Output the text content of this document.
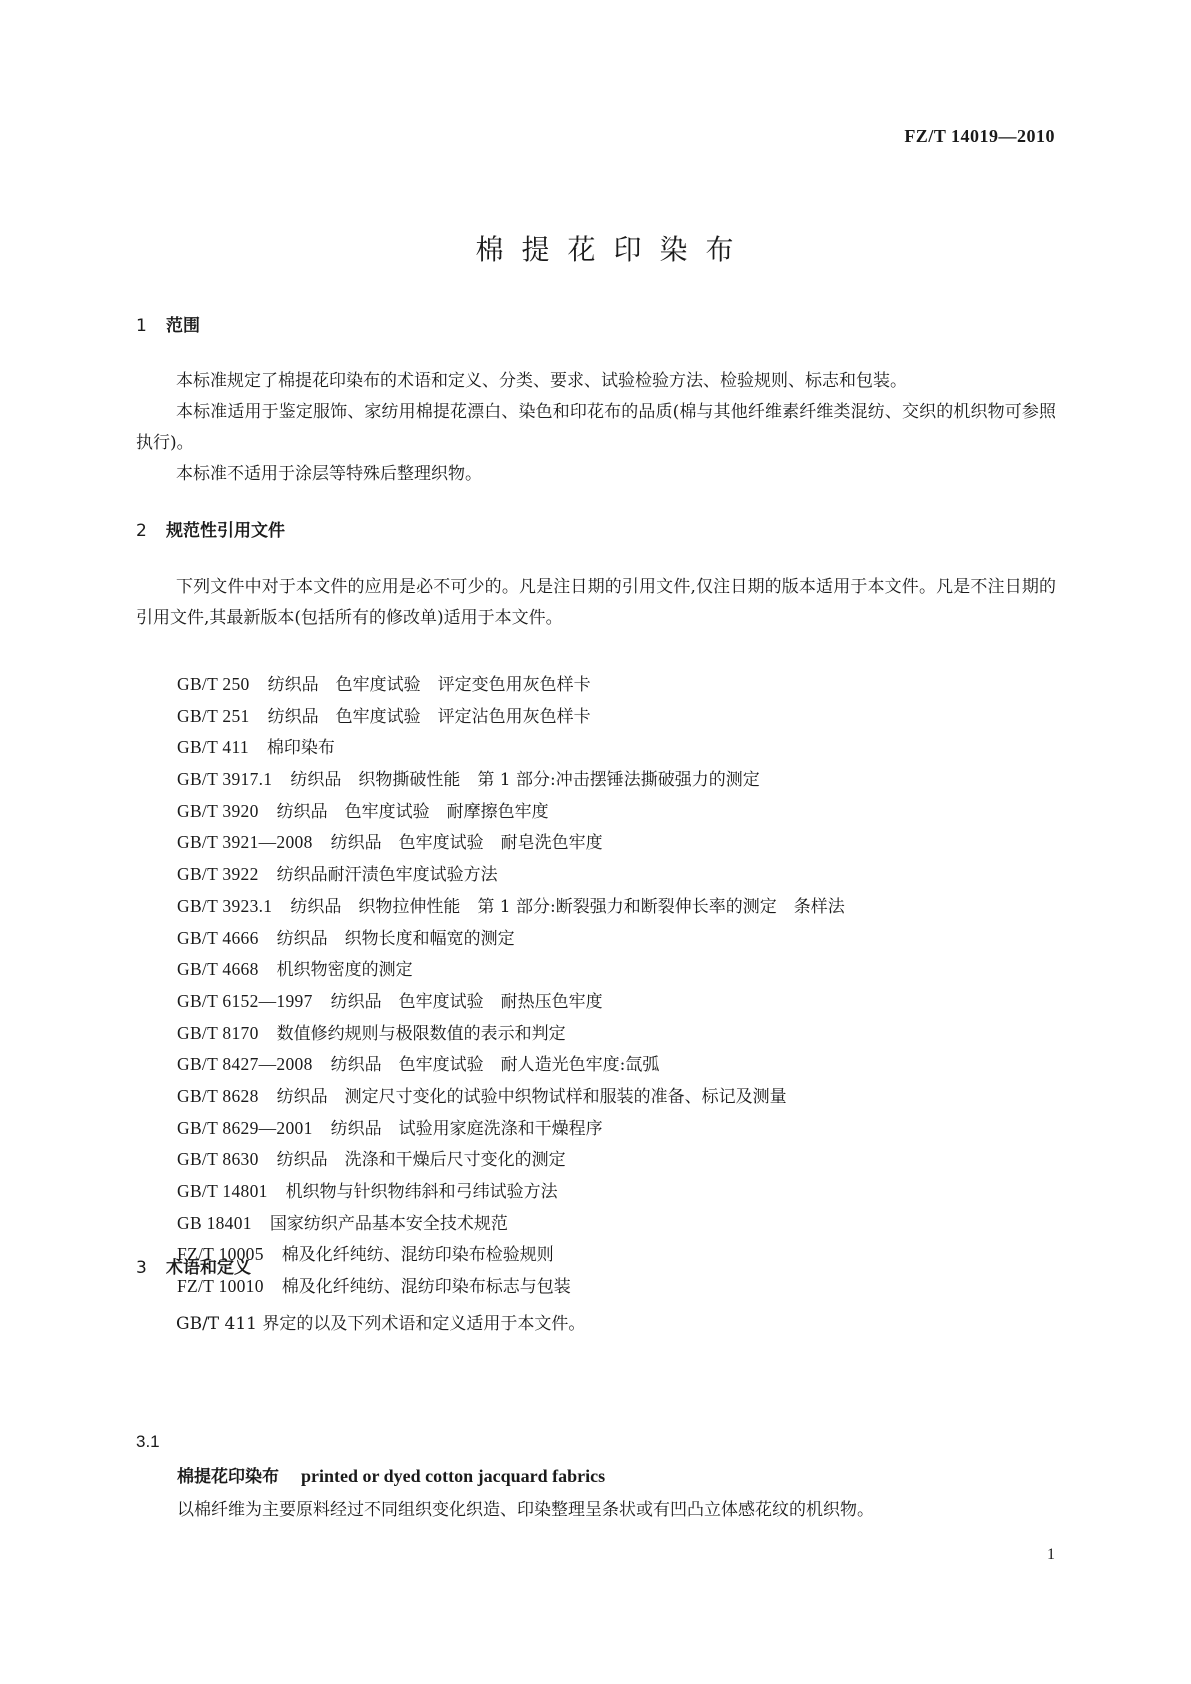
FZ/T 14019—2010
棉提花印染布
1 范围
本标准规定了棉提花印染布的术语和定义、分类、要求、试验检验方法、检验规则、标志和包装。
本标准适用于鉴定服饰、家纺用棉提花漂白、染色和印花布的品质(棉与其他纤维素纤维类混纺、交织的机织物可参照执行)。
本标准不适用于涂层等特殊后整理织物。
2 规范性引用文件
下列文件中对于本文件的应用是必不可少的。凡是注日期的引用文件,仅注日期的版本适用于本文件。凡是不注日期的引用文件,其最新版本(包括所有的修改单)适用于本文件。
GB/T 250 纺织品　色牢度试验　评定变色用灰色样卡
GB/T 251 纺织品　色牢度试验　评定沾色用灰色样卡
GB/T 411 棉印染布
GB/T 3917.1 纺织品　织物撕破性能　第 1 部分:冲击摆锤法撕破强力的测定
GB/T 3920 纺织品　色牢度试验　耐摩擦色牢度
GB/T 3921—2008 纺织品　色牢度试验　耐皂洗色牢度
GB/T 3922 纺织品耐汗渍色牢度试验方法
GB/T 3923.1 纺织品　织物拉伸性能　第 1 部分:断裂强力和断裂伸长率的测定　条样法
GB/T 4666 纺织品　织物长度和幅宽的测定
GB/T 4668 机织物密度的测定
GB/T 6152—1997 纺织品　色牢度试验　耐热压色牢度
GB/T 8170 数值修约规则与极限数值的表示和判定
GB/T 8427—2008 纺织品　色牢度试验　耐人造光色牢度:氙弧
GB/T 8628 纺织品　测定尺寸变化的试验中织物试样和服装的准备、标记及测量
GB/T 8629—2001 纺织品　试验用家庭洗涤和干燥程序
GB/T 8630 纺织品　洗涤和干燥后尺寸变化的测定
GB/T 14801 机织物与针织物纬斜和弓纬试验方法
GB 18401 国家纺织产品基本安全技术规范
FZ/T 10005 棉及化纤纯纺、混纺印染布检验规则
FZ/T 10010 棉及化纤纯纺、混纺印染布标志与包装
3 术语和定义
GB/T 411 界定的以及下列术语和定义适用于本文件。
3.1
棉提花印染布 printed or dyed cotton jacquard fabrics
以棉纤维为主要原料经过不同组织变化织造、印染整理呈条状或有凹凸立体感花纹的机织物。
1
